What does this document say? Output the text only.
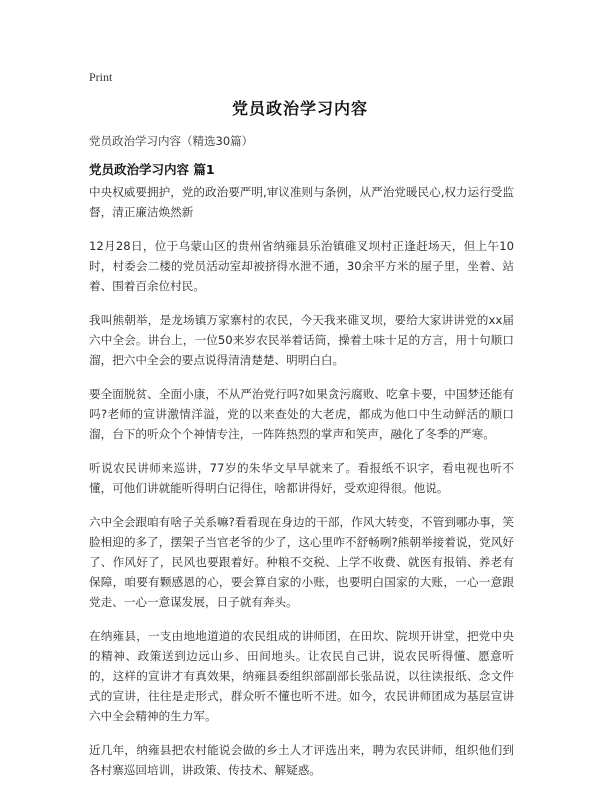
Print
党员政治学习内容
党员政治学习内容（精选30篇）
党员政治学习内容 篇1

中央权威要拥护，党的政治要严明,审议准则与条例，从严治党暖民心,权力运行受监督，清正廉洁焕然新

12月28日，位于乌蒙山区的贵州省纳雍县乐治镇碓叉坝村正逢赶场天，但上午10时，村委会二楼的党员活动室却被挤得水泄不通，30余平方米的屋子里，坐着、站着、围着百余位村民。

我叫熊朝举，是龙场镇万家寨村的农民，今天我来碓叉坝，要给大家讲讲党的xx届六中全会。讲台上，一位50来岁农民举着话筒，操着土味十足的方言，用十句顺口溜，把六中全会的要点说得清清楚楚、明明白白。

要全面脱贫、全面小康，不从严治党行吗?如果贪污腐败、吃拿卡要，中国梦还能有吗?老师的宣讲激情洋溢，党的以来查处的大老虎，都成为他口中生动鲜活的顺口溜，台下的听众个个神情专注，一阵阵热烈的掌声和笑声，融化了冬季的严寒。

听说农民讲师来巡讲，77岁的朱华文早早就来了。看报纸不识字，看电视也听不懂，可他们讲就能听得明白记得住，啥都讲得好，受欢迎得很。他说。

六中全会跟咱有啥子关系嘛?看看现在身边的干部，作风大转变，不管到哪办事，笑脸相迎的多了，摆架子当官老爷的少了，这心里咋不舒畅咧?熊朝举接着说，党风好了、作风好了，民风也要跟着好。种粮不交税、上学不收费、就医有报销、养老有保障，咱要有颗感恩的心，要会算自家的小账，也要明白国家的大账，一心一意跟党走、一心一意谋发展，日子就有奔头。

在纳雍县，一支由地地道道的农民组成的讲师团，在田坎、院坝开讲堂，把党中央的精神、政策送到边远山乡、田间地头。让农民自己讲，说农民听得懂、愿意听的，这样的宣讲才有真效果，纳雍县委组织部副部长张品说，以往读报纸、念文件式的宣讲，往往是走形式，群众听不懂也听不进。如今，农民讲师团成为基层宣讲六中全会精神的生力军。

近几年，纳雍县把农村能说会做的乡土人才评选出来，聘为农民讲师，组织他们到各村寨巡回培训，讲政策、传技术、解疑惑。
